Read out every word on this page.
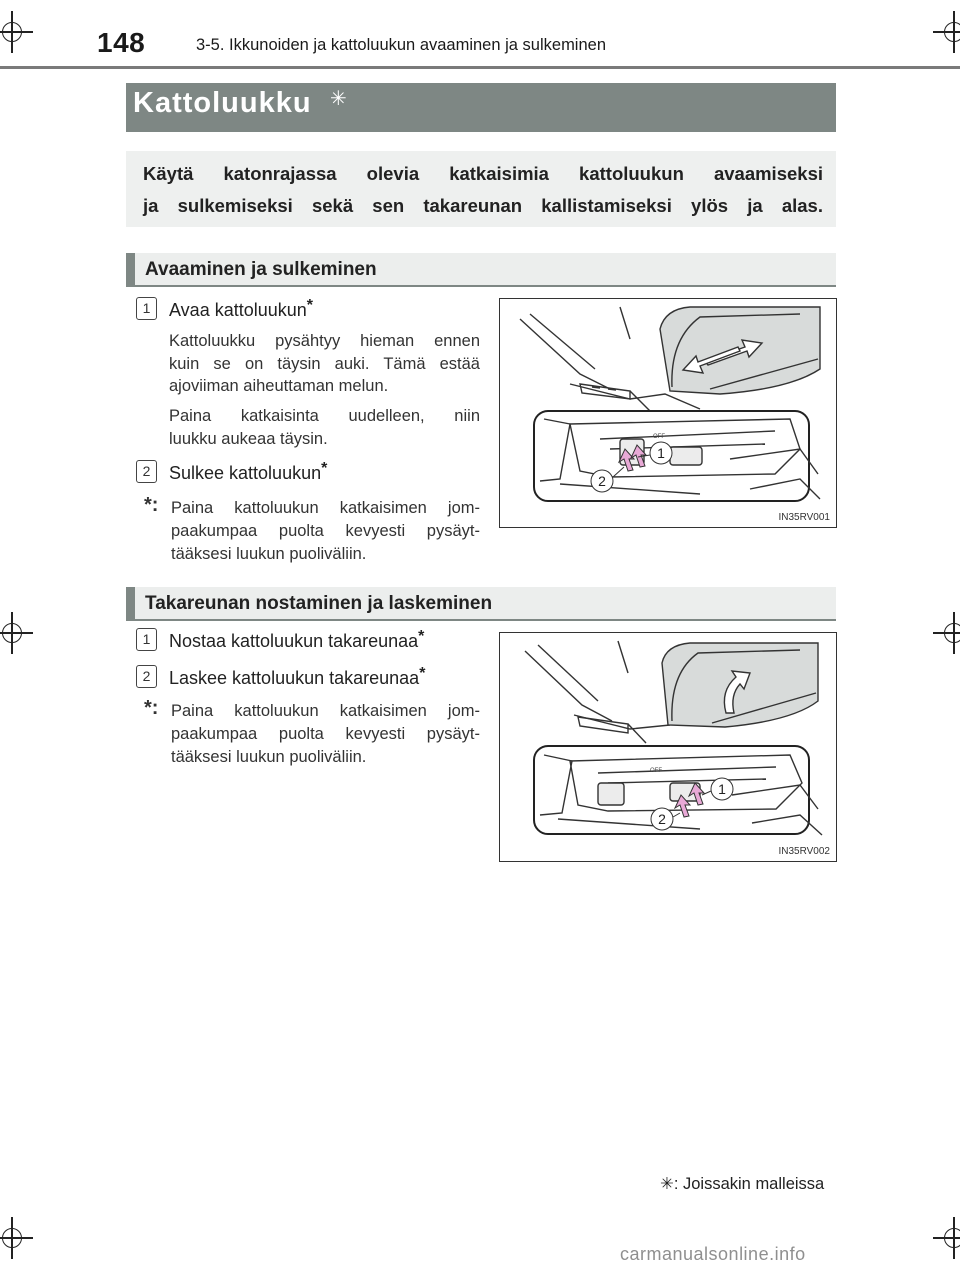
148	3-5. Ikkunoiden ja kattoluukun avaaminen ja sulkeminen
Kattoluukku ✳
Käytä katonrajassa olevia katkaisimia kattoluukun avaamiseksi
ja sulkemiseksi sekä sen takareunan kallistamiseksi ylös ja alas.
Avaaminen ja sulkeminen
1	Avaa kattoluukun*
Kattoluukku pysähtyy hieman ennen
kuin se on täysin auki. Tämä estää
ajoviiman aiheuttaman melun.
Paina katkaisinta uudelleen, niin
luukku aukeaa täysin.
2	Sulkee kattoluukun*
*: Paina kattoluukun katkaisimen jom-
paakumpaa puolta kevyesti pysäyt-
tääksesi luukun puoliväliin.
1
2
OFF
IN35RV001
Takareunan nostaminen ja laskeminen
1	Nostaa kattoluukun takareunaa*
2	Laskee kattoluukun takareunaa*
*: Paina kattoluukun katkaisimen jom-
paakumpaa puolta kevyesti pysäyt-
tääksesi luukun puoliväliin.
1
2
OFF
IN35RV002
✳: Joissakin malleissa
carmanualsonline.info
